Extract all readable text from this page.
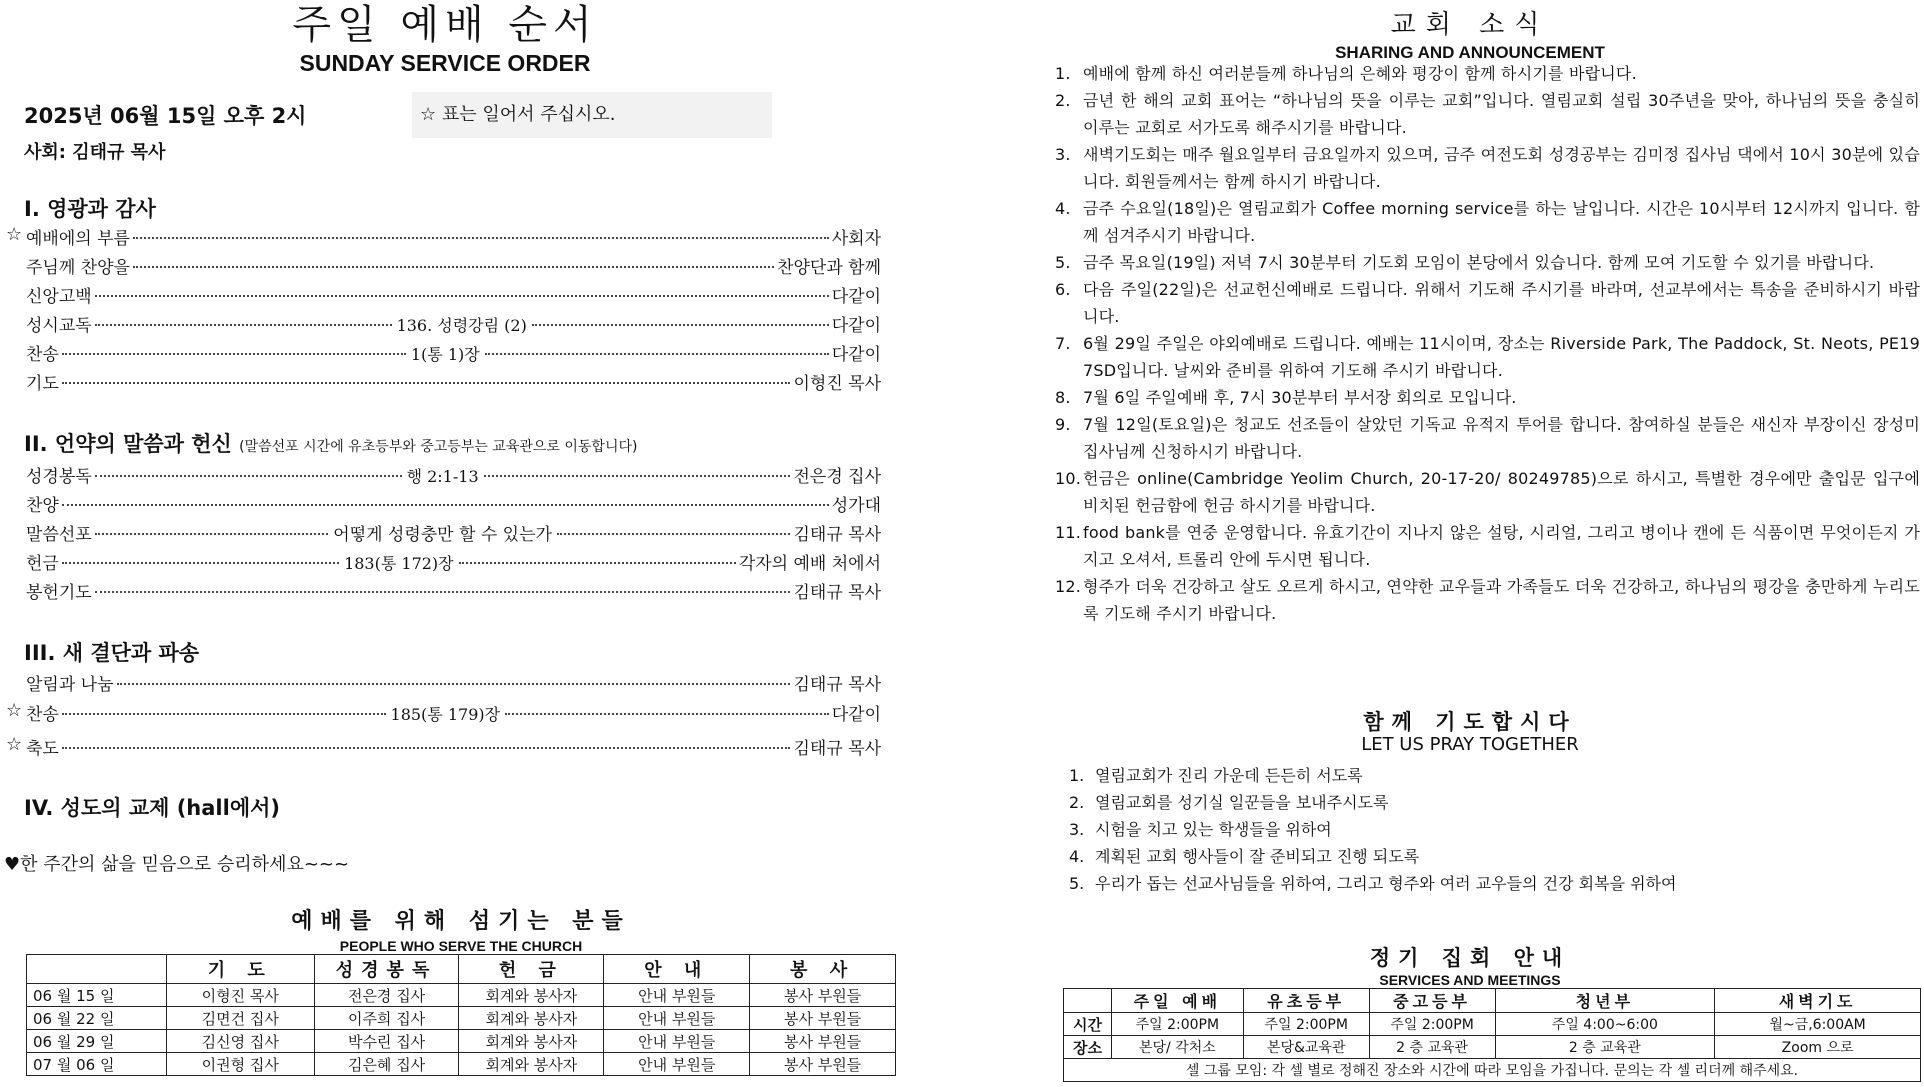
주일 예배 순서
SUNDAY SERVICE ORDER
2025년 06월 15일 오후 2시
사회: 김태규 목사
☆ 표는 일어서 주십시오.
I. 영광과 감사
☆ 예배에의 부름	사회자
주님께 찬양을	찬양단과 함께
신앙고백	다같이
성시교독	136. 성령강림 (2)	다같이
찬송	1(통 1)장	다같이
기도	이형진 목사
II. 언약의 말씀과 헌신 (말씀선포 시간에 유초등부와 중고등부는 교육관으로 이동합니다)
성경봉독	행 2:1-13	전은경 집사
찬양	성가대
말씀선포	어떻게 성령충만 할 수 있는가	김태규 목사
헌금	183(통 172)장	각자의 예배 처에서
봉헌기도	김태규 목사
III. 새 결단과 파송
알림과 나눔	김태규 목사
☆ 찬송	185(통 179)장	다같이
☆ 축도	김태규 목사
IV. 성도의 교제 (hall에서)
♥한 주간의 삶을 믿음으로 승리하세요~~~
예배를 위해 섬기는 분들
PEOPLE WHO SERVE THE CHURCH
	기 도	성경봉독	헌 금	안 내	봉 사
06 월 15 일	이형진 목사	전은경 집사	회계와 봉사자	안내 부원들	봉사 부원들
06 월 22 일	김면건 집사	이주희 집사	회계와 봉사자	안내 부원들	봉사 부원들
06 월 29 일	김신영 집사	박수린 집사	회계와 봉사자	안내 부원들	봉사 부원들
07 월 06 일	이권형 집사	김은혜 집사	회계와 봉사자	안내 부원들	봉사 부원들
교회 소식
SHARING AND ANNOUNCEMENT
1. 예배에 함께 하신 여러분들께 하나님의 은혜와 평강이 함께 하시기를 바랍니다.
2. 금년 한 해의 교회 표어는 “하나님의 뜻을 이루는 교회”입니다. 열림교회 설립 30주년을 맞아, 하나님의 뜻을 충실히 이루는 교회로 서가도록 해주시기를 바랍니다.
3. 새벽기도회는 매주 월요일부터 금요일까지 있으며, 금주 여전도회 성경공부는 김미정 집사님 댁에서 10시 30분에 있습니다. 회원들께서는 함께 하시기 바랍니다.
4. 금주 수요일(18일)은 열림교회가 Coffee morning service를 하는 날입니다. 시간은 10시부터 12시까지 입니다. 함께 섬겨주시기 바랍니다.
5. 금주 목요일(19일) 저녁 7시 30분부터 기도회 모임이 본당에서 있습니다. 함께 모여 기도할 수 있기를 바랍니다.
6. 다음 주일(22일)은 선교헌신예배로 드립니다. 위해서 기도해 주시기를 바라며, 선교부에서는 특송을 준비하시기 바랍니다.
7. 6월 29일 주일은 야외예배로 드립니다. 예배는 11시이며, 장소는 Riverside Park, The Paddock, St. Neots, PE19 7SD입니다. 날씨와 준비를 위하여 기도해 주시기 바랍니다.
8. 7월 6일 주일예배 후, 7시 30분부터 부서장 회의로 모입니다.
9. 7월 12일(토요일)은 청교도 선조들이 살았던 기독교 유적지 투어를 합니다. 참여하실 분들은 새신자 부장이신 장성미 집사님께 신청하시기 바랍니다.
10. 헌금은 online(Cambridge Yeolim Church, 20-17-20/ 80249785)으로 하시고, 특별한 경우에만 출입문 입구에 비치된 헌금함에 헌금 하시기를 바랍니다.
11. food bank를 연중 운영합니다. 유효기간이 지나지 않은 설탕, 시리얼, 그리고 병이나 캔에 든 식품이면 무엇이든지 가지고 오셔서, 트롤리 안에 두시면 됩니다.
12. 형주가 더욱 건강하고 살도 오르게 하시고, 연약한 교우들과 가족들도 더욱 건강하고, 하나님의 평강을 충만하게 누리도록 기도해 주시기 바랍니다.
함께 기도합시다
LET US PRAY TOGETHER
1. 열림교회가 진리 가운데 든든히 서도록
2. 열림교회를 성기실 일꾼들을 보내주시도록
3. 시험을 치고 있는 학생들을 위하여
4. 계획된 교회 행사들이 잘 준비되고 진행 되도록
5. 우리가 돕는 선교사님들을 위하여, 그리고 형주와 여러 교우들의 건강 회복을 위하여
정기 집회 안내
SERVICES AND MEETINGS
	주일 예배	유초등부	중고등부	청년부	새벽기도
시간	주일 2:00PM	주일 2:00PM	주일 2:00PM	주일 4:00~6:00	월~금,6:00AM
장소	본당/ 각처소	본당&교육관	2 층 교육관	2 층 교육관	Zoom 으로
셀 그룹 모임: 각 셀 별로 정해진 장소와 시간에 따라 모임을 가집니다. 문의는 각 셀 리더께 해주세요.					
